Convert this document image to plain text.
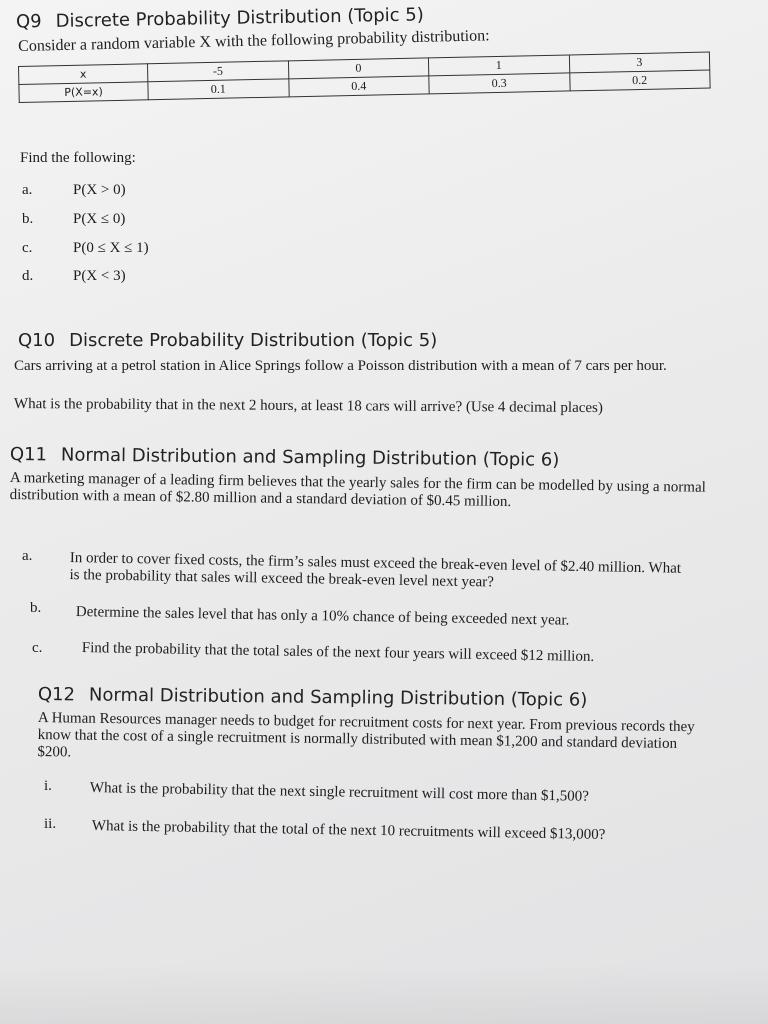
Q9 Discrete Probability Distribution (Topic 5)
Consider a random variable X with the following probability distribution:
x	-5	0	1	3
P(X=x)	0.1	0.4	0.3	0.2
Find the following:
a.	P(X > 0)
b.	P(X ≤ 0)
c.	P(0 ≤ X ≤ 1)
d.	P(X < 3)
Q10 Discrete Probability Distribution (Topic 5)
Cars arriving at a petrol station in Alice Springs follow a Poisson distribution with a mean of 7 cars per hour.
What is the probability that in the next 2 hours, at least 18 cars will arrive? (Use 4 decimal places)
Q11 Normal Distribution and Sampling Distribution (Topic 6)
A marketing manager of a leading firm believes that the yearly sales for the firm can be modelled by using a normal distribution with a mean of $2.80 million and a standard deviation of $0.45 million.
a. In order to cover fixed costs, the firm’s sales must exceed the break-even level of $2.40 million. What is the probability that sales will exceed the break-even level next year?
b. Determine the sales level that has only a 10% chance of being exceeded next year.
c.	Find the probability that the total sales of the next four years will exceed $12 million.
Q12 Normal Distribution and Sampling Distribution (Topic 6)
A Human Resources manager needs to budget for recruitment costs for next year. From previous records they know that the cost of a single recruitment is normally distributed with mean $1,200 and standard deviation $200.
i.	What is the probability that the next single recruitment will cost more than $1,500?
ii. What is the probability that the total of the next 10 recruitments will exceed $13,000?
